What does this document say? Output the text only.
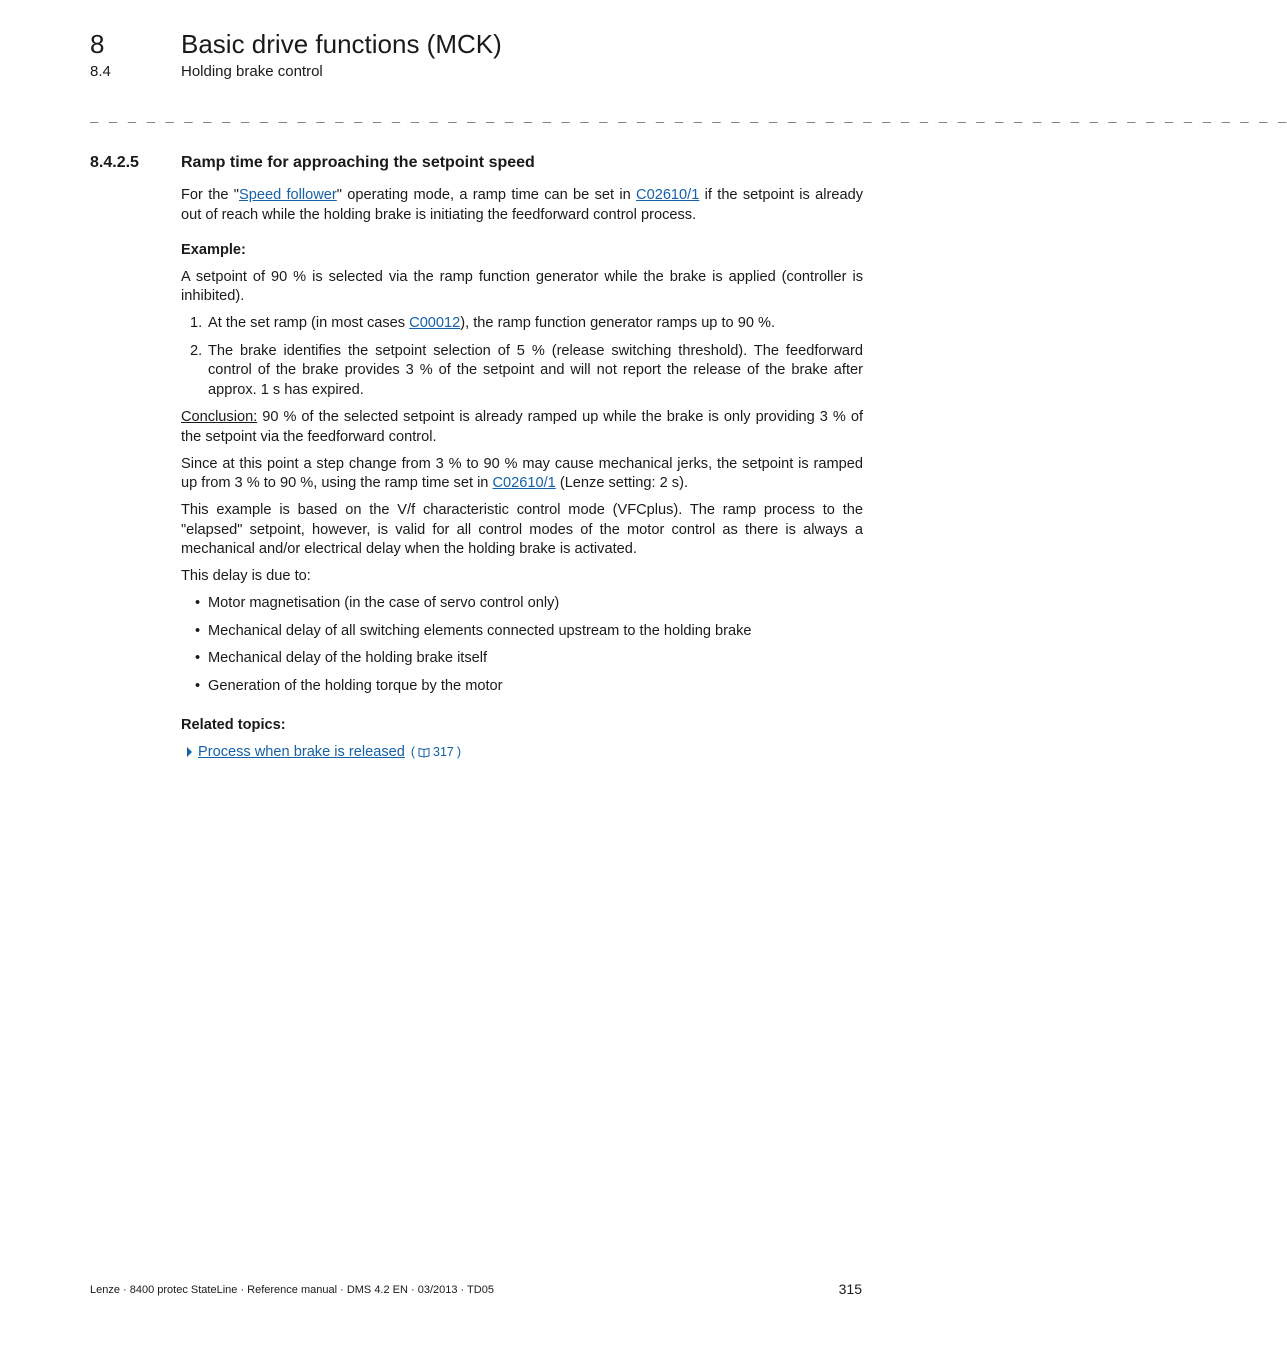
8	Basic drive functions (MCK)
8.4	Holding brake control
_ _ _ _ _ _ _ _ _ _ _ _ _ _ _ _ _ _ _ _ _ _ _ _ _ _ _ _ _ _ _ _ _ _ _ _ _ _ _ _ _ _ _ _ _ _ _ _ _ _ _ _ _ _ _ _ _ _ _ _ _ _ _ _
8.4.2.5	Ramp time for approaching the setpoint speed

For the "Speed follower" operating mode, a ramp time can be set in C02610/1 if the setpoint is already out of reach while the holding brake is initiating the feedforward control process.

Example:

A setpoint of 90 % is selected via the ramp function generator while the brake is applied (controller is inhibited).

1. At the set ramp (in most cases C00012), the ramp function generator ramps up to 90 %.
2. The brake identifies the setpoint selection of 5 % (release switching threshold). The feedforward control of the brake provides 3 % of the setpoint and will not report the release of the brake after approx. 1 s has expired.

Conclusion: 90 % of the selected setpoint is already ramped up while the brake is only providing 3 % of the setpoint via the feedforward control.

Since at this point a step change from 3 % to 90 % may cause mechanical jerks, the setpoint is ramped up from 3 % to 90 %, using the ramp time set in C02610/1 (Lenze setting: 2 s).

This example is based on the V/f characteristic control mode (VFCplus). The ramp process to the "elapsed" setpoint, however, is valid for all control modes of the motor control as there is always a mechanical and/or electrical delay when the holding brake is activated.

This delay is due to:

• Motor magnetisation (in the case of servo control only)
• Mechanical delay of all switching elements connected upstream to the holding brake
• Mechanical delay of the holding brake itself
• Generation of the holding torque by the motor
Related topics:
Process when brake is released ( 317 )
Lenze · 8400 protec StateLine · Reference manual · DMS 4.2 EN · 03/2013 · TD05	315
